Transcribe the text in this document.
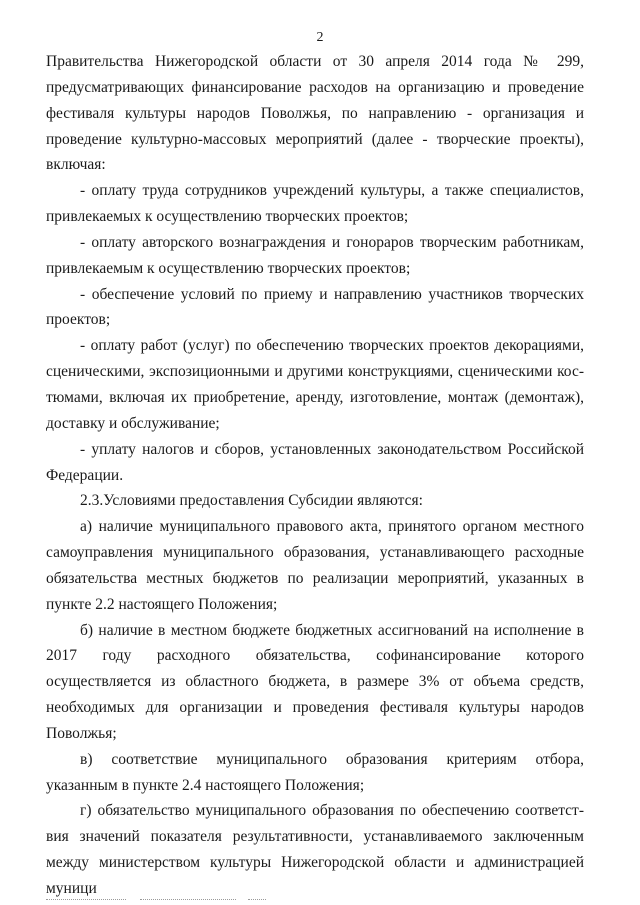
2

Правительства Нижегородской области от 30 апреля 2014 года № 299, предусматривающих финансирование расходов на организацию и проведение фестиваля культуры народов Поволжья, по направлению - организация и проведение культурно-массовых мероприятий (далее - творческие проекты), включая:

- оплату труда сотрудников учреждений культуры, а также специалистов, привлекаемых к осуществлению творческих проектов;

- оплату авторского вознаграждения и гонораров творческим работникам, привлекаемым к осуществлению творческих проектов;

- обеспечение условий по приему и направлению участников творческих проектов;

- оплату работ (услуг) по обеспечению творческих проектов декорациями, сценическими, экспозиционными и другими конструкциями, сценическими костюмами, включая их приобретение, аренду, изготовление, монтаж (демонтаж), доставку и обслуживание;

- уплату налогов и сборов, установленных законодательством Российской Федерации.

2.3.Условиями предоставления Субсидии являются:

а) наличие муниципального правового акта, принятого органом местного самоуправления муниципального образования, устанавливающего расходные обязательства местных бюджетов по реализации мероприятий, указанных в пункте 2.2 настоящего Положения;

б) наличие в местном бюджете бюджетных ассигнований на исполнение в 2017 году расходного обязательства, софинансирование которого осуществляется из областного бюджета, в размере 3% от объема средств, необходимых для организации и проведения фестиваля культуры народов Поволжья;

в) соответствие муниципального образования критериям отбора, указанным в пункте 2.4 настоящего Положения;

г) обязательство муниципального образования по обеспечению соответствия значений показателя результативности, устанавливаемого заключенным между министерством культуры Нижегородской области и администрацией муници
